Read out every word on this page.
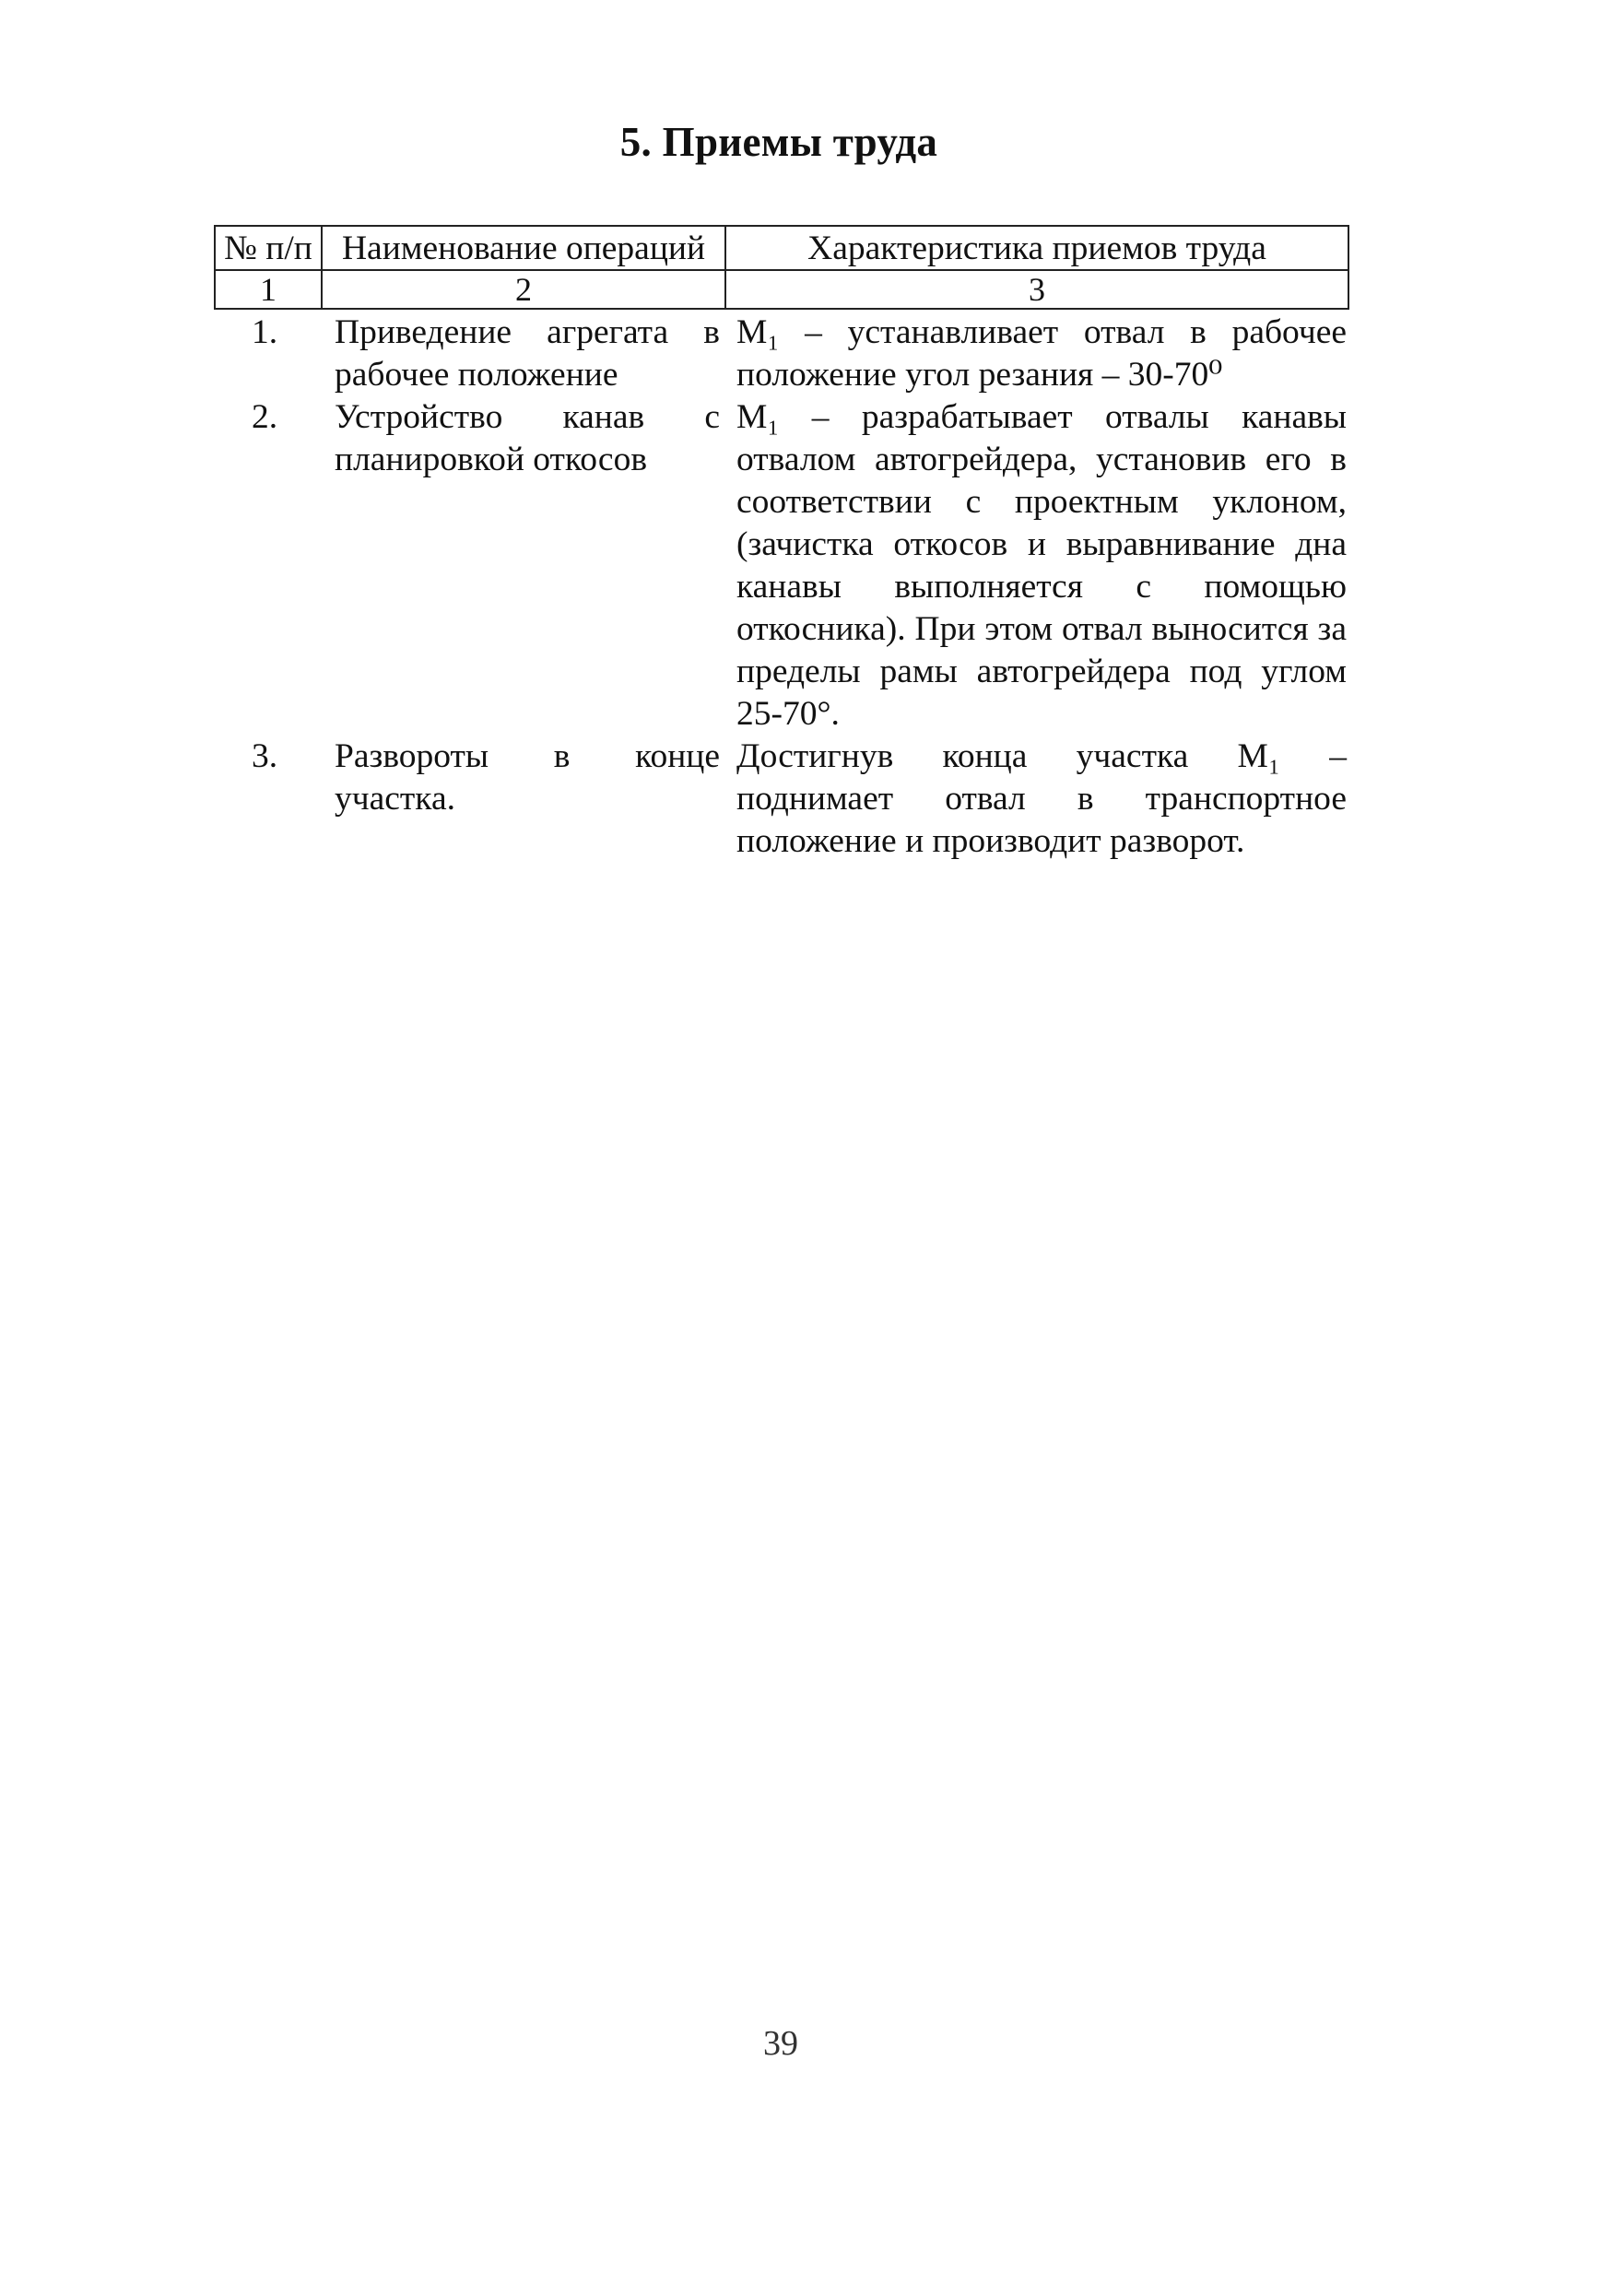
5. Приемы труда
№ п/п	Наименование операций	Характеристика приемов труда
1	2	3
1.	Приведение агрегата в рабочее положение	М₁ – устанавливает отвал в рабочее положение угол резания – 30-70⁰
2.	Устройство канав с планировкой откосов	М₁ – разрабатывает отвалы канавы отвалом автогрейдера, установив его в соответствии с проектным уклоном, (зачистка откосов и выравнивание дна канавы выполняется с помощью откосника). При этом отвал выносится за пределы рамы автогрейдера под углом 25-70°.
3.	Развороты в конце участка.	Достигнув конца участка М₁ – поднимает отвал в транспортное положение и производит разворот.
39
